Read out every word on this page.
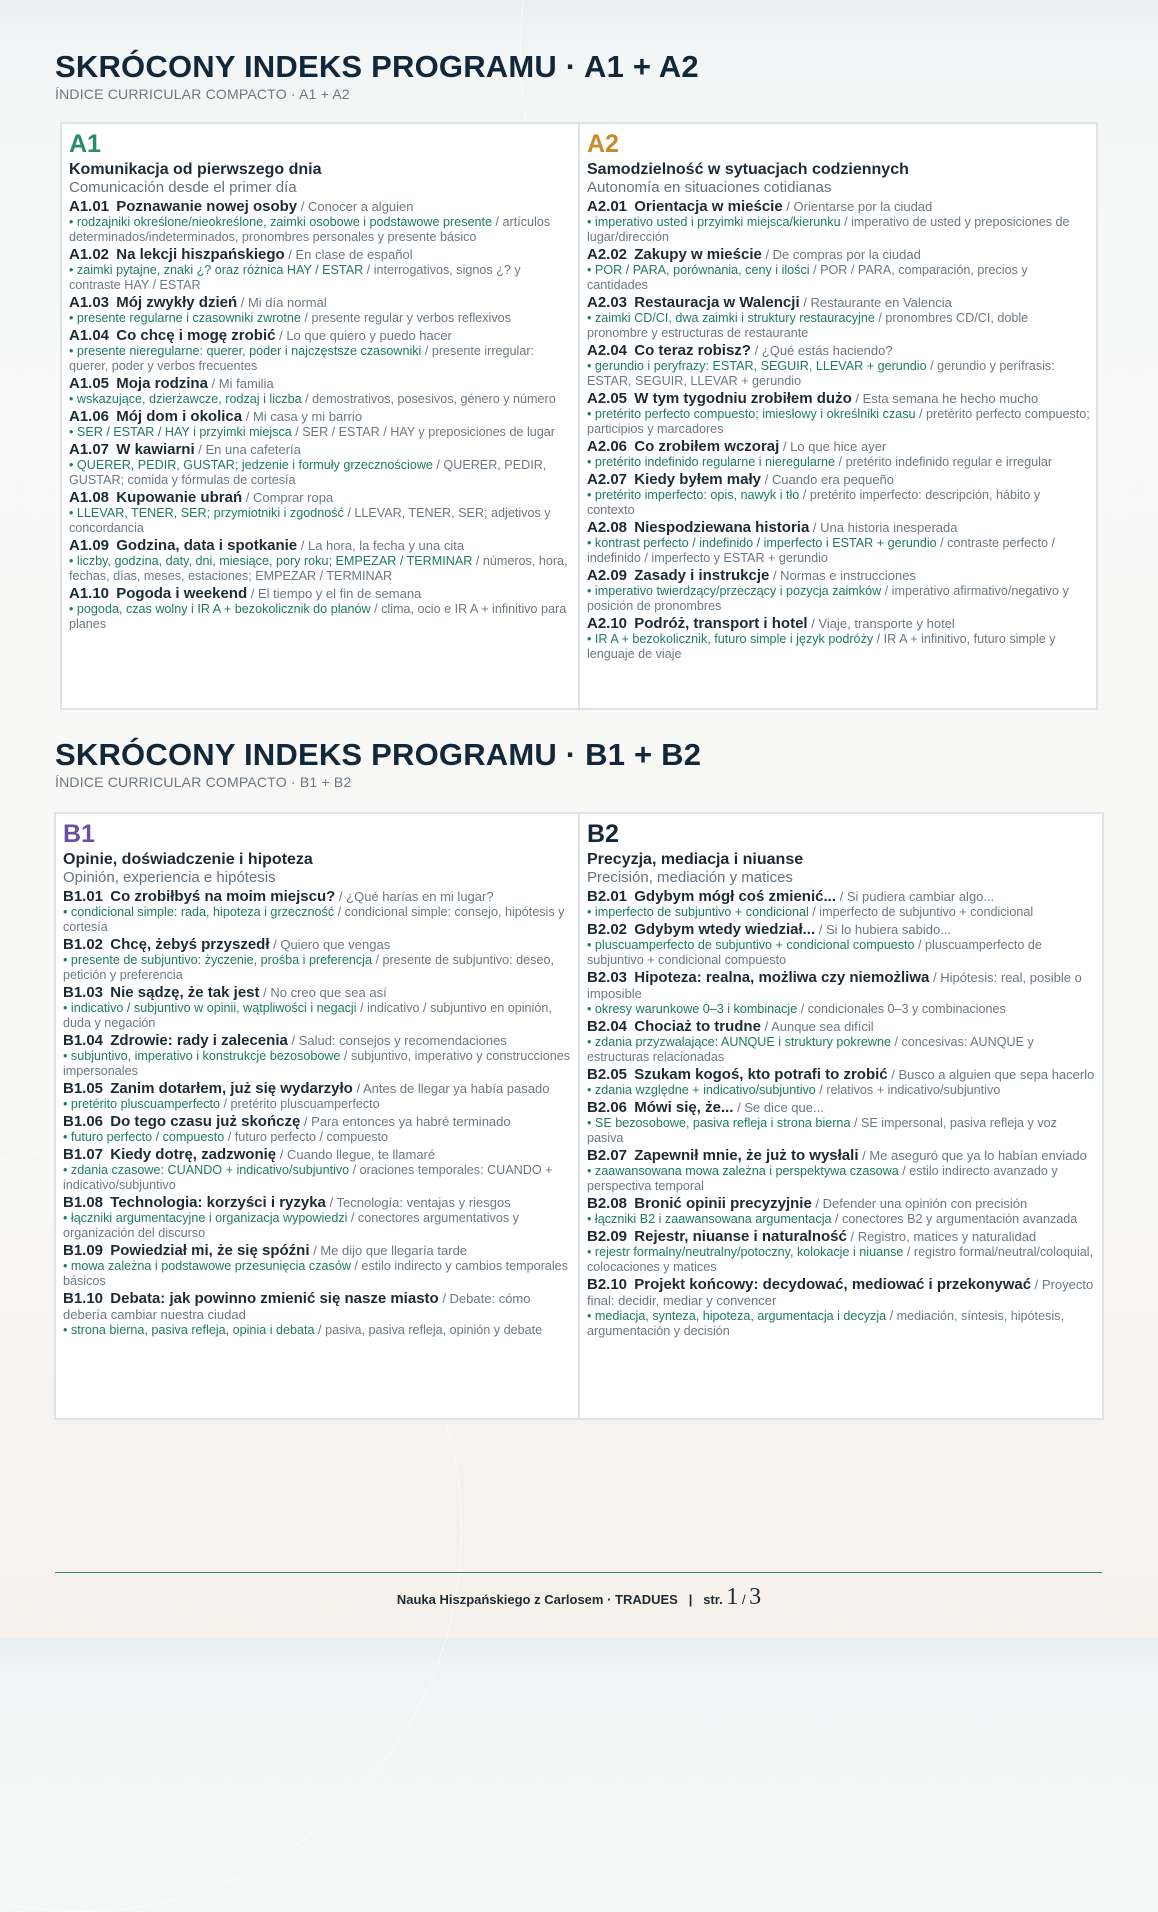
SKRÓCONY INDEKS PROGRAMU · A1 + A2
ÍNDICE CURRICULAR COMPACTO · A1 + A2
A1
Komunikacja od pierwszego dnia
Comunicación desde el primer día
A1.01 Poznawanie nowej osoby / Conocer a alguien
• rodzajniki określone/nieokreślone, zaimki osobowe i podstawowe presente / artículos determinados/indeterminados, pronombres personales y presente básico
A1.02 Na lekcji hiszpańskiego / En clase de español
• zaimki pytajne, znaki ¿? oraz różnica HAY / ESTAR / interrogativos, signos ¿? y contraste HAY / ESTAR
A1.03 Mój zwykły dzień / Mi día normal
• presente regularne i czasowniki zwrotne / presente regular y verbos reflexivos
A1.04 Co chcę i mogę zrobić / Lo que quiero y puedo hacer
• presente nieregularne: querer, poder i najczęstsze czasowniki / presente irregular: querer, poder y verbos frecuentes
A1.05 Moja rodzina / Mi familia
• wskazujące, dzierżawcze, rodzaj i liczba / demostrativos, posesivos, género y número
A1.06 Mój dom i okolica / Mi casa y mi barrio
• SER / ESTAR / HAY i przyimki miejsca / SER / ESTAR / HAY y preposiciones de lugar
A1.07 W kawiarni / En una cafetería
• QUERER, PEDIR, GUSTAR; jedzenie i formuły grzecznościowe / QUERER, PEDIR, GUSTAR; comida y fórmulas de cortesía
A1.08 Kupowanie ubrań / Comprar ropa
• LLEVAR, TENER, SER; przymiotniki i zgodność / LLEVAR, TENER, SER; adjetivos y concordancia
A1.09 Godzina, data i spotkanie / La hora, la fecha y una cita
• liczby, godzina, daty, dni, miesiące, pory roku; EMPEZAR / TERMINAR / números, hora, fechas, días, meses, estaciones; EMPEZAR / TERMINAR
A1.10 Pogoda i weekend / El tiempo y el fin de semana
• pogoda, czas wolny i IR A + bezokolicznik do planów / clima, ocio e IR A + infinitivo para planes
A2
Samodzielność w sytuacjach codziennych
Autonomía en situaciones cotidianas
A2.01 Orientacja w mieście / Orientarse por la ciudad
• imperativo usted i przyimki miejsca/kierunku / imperativo de usted y preposiciones de lugar/dirección
A2.02 Zakupy w mieście / De compras por la ciudad
• POR / PARA, porównania, ceny i ilości / POR / PARA, comparación, precios y cantidades
A2.03 Restauracja w Walencji / Restaurante en Valencia
• zaimki CD/CI, dwa zaimki i struktury restauracyjne / pronombres CD/CI, doble pronombre y estructuras de restaurante
A2.04 Co teraz robisz? / ¿Qué estás haciendo?
• gerundio i peryfrazy: ESTAR, SEGUIR, LLEVAR + gerundio / gerundio y perífrasis: ESTAR, SEGUIR, LLEVAR + gerundio
A2.05 W tym tygodniu zrobiłem dużo / Esta semana he hecho mucho
• pretérito perfecto compuesto; imiesłowy i określniki czasu / pretérito perfecto compuesto; participios y marcadores
A2.06 Co zrobiłem wczoraj / Lo que hice ayer
• pretérito indefinido regularne i nieregularne / pretérito indefinido regular e irregular
A2.07 Kiedy byłem mały / Cuando era pequeño
• pretérito imperfecto: opis, nawyk i tło / pretérito imperfecto: descripción, hábito y contexto
A2.08 Niespodziewana historia / Una historia inesperada
• kontrast perfecto / indefinido / imperfecto i ESTAR + gerundio / contraste perfecto / indefinido / imperfecto y ESTAR + gerundio
A2.09 Zasady i instrukcje / Normas e instrucciones
• imperativo twierdzący/przeczący i pozycja zaimków / imperativo afirmativo/negativo y posición de pronombres
A2.10 Podróż, transport i hotel / Viaje, transporte y hotel
• IR A + bezokolicznik, futuro simple i język podróży / IR A + infinitivo, futuro simple y lenguaje de viaje
SKRÓCONY INDEKS PROGRAMU · B1 + B2
ÍNDICE CURRICULAR COMPACTO · B1 + B2
B1
Opinie, doświadczenie i hipoteza
Opinión, experiencia e hipótesis
B1.01 Co zrobiłbyś na moim miejscu? / ¿Qué harías en mi lugar?
• condicional simple: rada, hipoteza i grzeczność / condicional simple: consejo, hipótesis y cortesía
B1.02 Chcę, żebyś przyszedł / Quiero que vengas
• presente de subjuntivo: życzenie, prośba i preferencja / presente de subjuntivo: deseo, petición y preferencia
B1.03 Nie sądzę, że tak jest / No creo que sea así
• indicativo / subjuntivo w opinii, wątpliwości i negacji / indicativo / subjuntivo en opinión, duda y negación
B1.04 Zdrowie: rady i zalecenia / Salud: consejos y recomendaciones
• subjuntivo, imperativo i konstrukcje bezosobowe / subjuntivo, imperativo y construcciones impersonales
B1.05 Zanim dotarłem, już się wydarzyło / Antes de llegar ya había pasado
• pretérito pluscuamperfecto / pretérito pluscuamperfecto
B1.06 Do tego czasu już skończę / Para entonces ya habré terminado
• futuro perfecto / compuesto / futuro perfecto / compuesto
B1.07 Kiedy dotrę, zadzwonię / Cuando llegue, te llamaré
• zdania czasowe: CUANDO + indicativo/subjuntivo / oraciones temporales: CUANDO + indicativo/subjuntivo
B1.08 Technologia: korzyści i ryzyka / Tecnología: ventajas y riesgos
• łączniki argumentacyjne i organizacja wypowiedzi / conectores argumentativos y organización del discurso
B1.09 Powiedział mi, że się spóźni / Me dijo que llegaría tarde
• mowa zależna i podstawowe przesunięcia czasów / estilo indirecto y cambios temporales básicos
B1.10 Debata: jak powinno zmienić się nasze miasto / Debate: cómo debería cambiar nuestra ciudad
• strona bierna, pasiva refleja, opinia i debata / pasiva, pasiva refleja, opinión y debate
B2
Precyzja, mediacja i niuanse
Precisión, mediación y matices
B2.01 Gdybym mógł coś zmienić... / Si pudiera cambiar algo...
• imperfecto de subjuntivo + condicional / imperfecto de subjuntivo + condicional
B2.02 Gdybym wtedy wiedział... / Si lo hubiera sabido...
• pluscuamperfecto de subjuntivo + condicional compuesto / pluscuamperfecto de subjuntivo + condicional compuesto
B2.03 Hipoteza: realna, możliwa czy niemożliwa / Hipótesis: real, posible o imposible
• okresy warunkowe 0–3 i kombinacje / condicionales 0–3 y combinaciones
B2.04 Chociaż to trudne / Aunque sea difícil
• zdania przyzwalające: AUNQUE i struktury pokrewne / concesivas: AUNQUE y estructuras relacionadas
B2.05 Szukam kogoś, kto potrafi to zrobić / Busco a alguien que sepa hacerlo
• zdania względne + indicativo/subjuntivo / relativos + indicativo/subjuntivo
B2.06 Mówi się, że... / Se dice que...
• SE bezosobowe, pasiva refleja i strona bierna / SE impersonal, pasiva refleja y voz pasiva
B2.07 Zapewnił mnie, że już to wysłali / Me aseguró que ya lo habían enviado
• zaawansowana mowa zależna i perspektywa czasowa / estilo indirecto avanzado y perspectiva temporal
B2.08 Bronić opinii precyzyjnie / Defender una opinión con precisión
• łączniki B2 i zaawansowana argumentacja / conectores B2 y argumentación avanzada
B2.09 Rejestr, niuanse i naturalność / Registro, matices y naturalidad
• rejestr formalny/neutralny/potoczny, kolokacje i niuanse / registro formal/neutral/coloquial, colocaciones y matices
B2.10 Projekt końcowy: decydować, mediować i przekonywać / Proyecto final: decidir, mediar y convencer
• mediacja, synteza, hipoteza, argumentacja i decyzja / mediación, síntesis, hipótesis, argumentación y decisión
Nauka Hiszpańskiego z Carlosem · TRADUES | str. 1 / 3
